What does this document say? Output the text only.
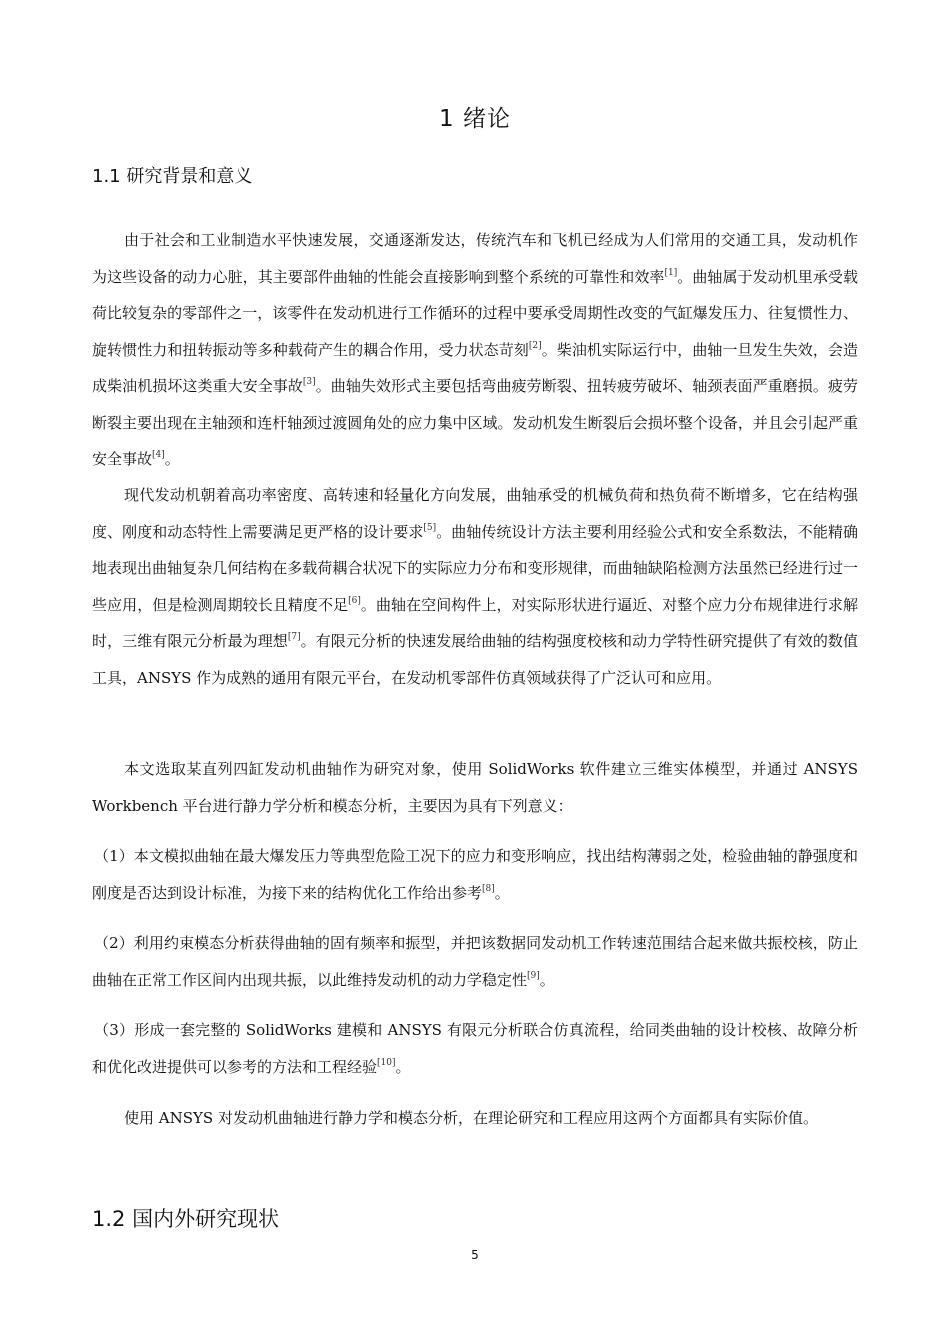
1 绪论
1.1 研究背景和意义

由于社会和工业制造水平快速发展，交通逐渐发达，传统汽车和飞机已经成为人们常用的交通工具，发动机作为这些设备的动力心脏，其主要部件曲轴的性能会直接影响到整个系统的可靠性和效率[1]。曲轴属于发动机里承受载荷比较复杂的零部件之一，该零件在发动机进行工作循环的过程中要承受周期性改变的气缸爆发压力、往复惯性力、旋转惯性力和扭转振动等多种载荷产生的耦合作用，受力状态苛刻[2]。柴油机实际运行中，曲轴一旦发生失效，会造成柴油机损坏这类重大安全事故[3]。曲轴失效形式主要包括弯曲疲劳断裂、扭转疲劳破坏、轴颈表面严重磨损。疲劳断裂主要出现在主轴颈和连杆轴颈过渡圆角处的应力集中区域。发动机发生断裂后会损坏整个设备，并且会引起严重安全事故[4]。

现代发动机朝着高功率密度、高转速和轻量化方向发展，曲轴承受的机械负荷和热负荷不断增多，它在结构强度、刚度和动态特性上需要满足更严格的设计要求[5]。曲轴传统设计方法主要利用经验公式和安全系数法，不能精确地表现出曲轴复杂几何结构在多载荷耦合状况下的实际应力分布和变形规律，而曲轴缺陷检测方法虽然已经进行过一些应用，但是检测周期较长且精度不足[6]。曲轴在空间构件上，对实际形状进行逼近、对整个应力分布规律进行求解时，三维有限元分析最为理想[7]。有限元分析的快速发展给曲轴的结构强度校核和动力学特性研究提供了有效的数值工具，ANSYS 作为成熟的通用有限元平台，在发动机零部件仿真领域获得了广泛认可和应用。

本文选取某直列四缸发动机曲轴作为研究对象，使用 SolidWorks 软件建立三维实体模型，并通过 ANSYS Workbench 平台进行静力学分析和模态分析，主要因为具有下列意义：

（1）本文模拟曲轴在最大爆发压力等典型危险工况下的应力和变形响应，找出结构薄弱之处，检验曲轴的静强度和刚度是否达到设计标准，为接下来的结构优化工作给出参考[8]。

（2）利用约束模态分析获得曲轴的固有频率和振型，并把该数据同发动机工作转速范围结合起来做共振校核，防止曲轴在正常工作区间内出现共振，以此维持发动机的动力学稳定性[9]。

（3）形成一套完整的 SolidWorks 建模和 ANSYS 有限元分析联合仿真流程，给同类曲轴的设计校核、故障分析和优化改进提供可以参考的方法和工程经验[10]。

使用 ANSYS 对发动机曲轴进行静力学和模态分析，在理论研究和工程应用这两个方面都具有实际价值。

1.2 国内外研究现状
5
